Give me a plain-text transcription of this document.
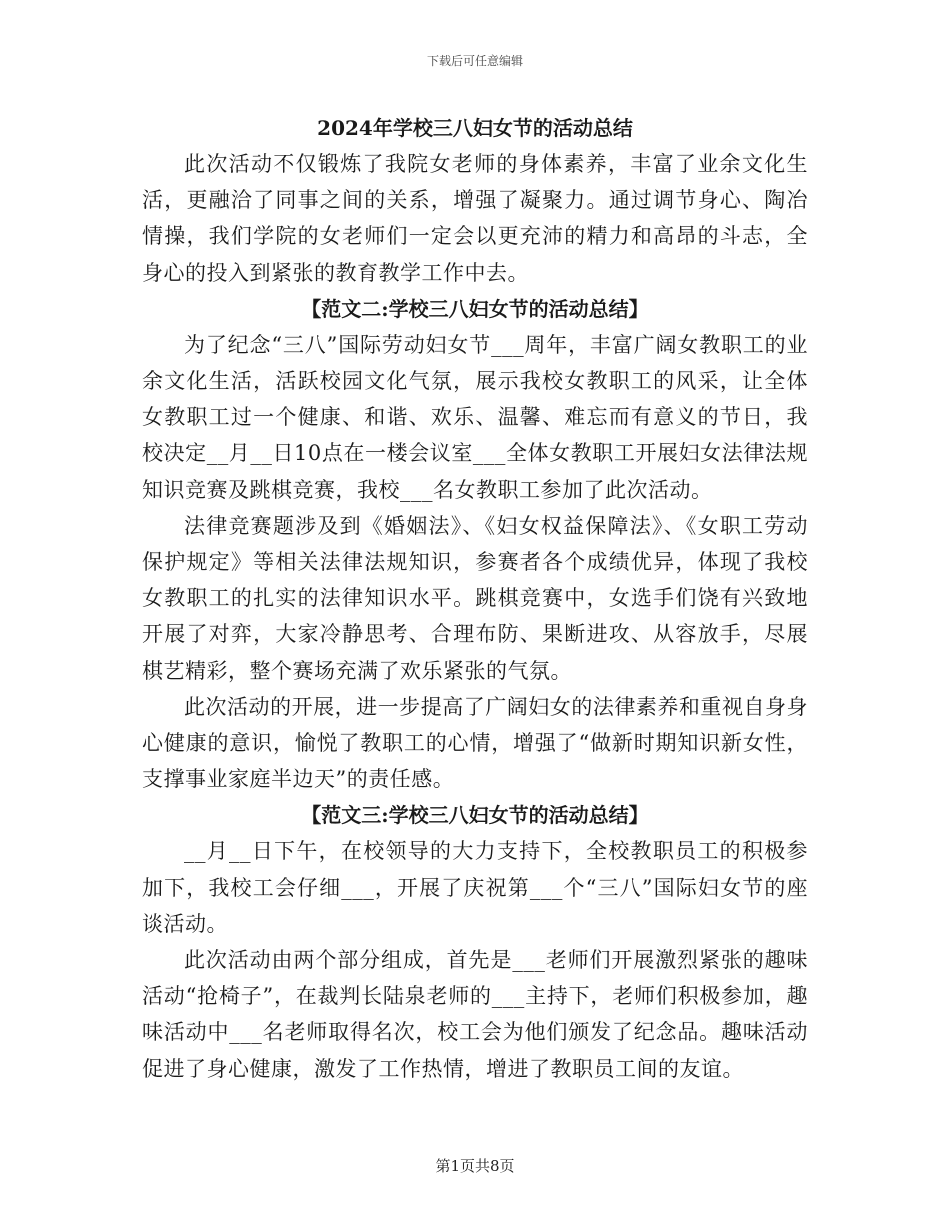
下载后可任意编辑
2024年学校三八妇女节的活动总结

此次活动不仅锻炼了我院女老师的身体素养，丰富了业余文化生活，更融洽了同事之间的关系，增强了凝聚力。通过调节身心、陶冶情操，我们学院的女老师们一定会以更充沛的精力和高昂的斗志，全身心的投入到紧张的教育教学工作中去。

【范文二:学校三八妇女节的活动总结】

为了纪念“三八”国际劳动妇女节___周年，丰富广阔女教职工的业余文化生活，活跃校园文化气氛，展示我校女教职工的风采，让全体女教职工过一个健康、和谐、欢乐、温馨、难忘而有意义的节日，我校决定__月__日10点在一楼会议室___全体女教职工开展妇女法律法规知识竞赛及跳棋竞赛，我校___名女教职工参加了此次活动。

法律竞赛题涉及到《婚姻法》、《妇女权益保障法》、《女职工劳动保护规定》等相关法律法规知识，参赛者各个成绩优异，体现了我校女教职工的扎实的法律知识水平。跳棋竞赛中，女选手们饶有兴致地开展了对弈，大家冷静思考、合理布防、果断进攻、从容放手，尽展棋艺精彩，整个赛场充满了欢乐紧张的气氛。

此次活动的开展，进一步提高了广阔妇女的法律素养和重视自身身心健康的意识，愉悦了教职工的心情，增强了“做新时期知识新女性，支撑事业家庭半边天”的责任感。

【范文三:学校三八妇女节的活动总结】

__月__日下午，在校领导的大力支持下，全校教职员工的积极参加下，我校工会仔细___，开展了庆祝第___个“三八”国际妇女节的座谈活动。

此次活动由两个部分组成，首先是___老师们开展激烈紧张的趣味活动“抢椅子”，在裁判长陆泉老师的___主持下，老师们积极参加，趣味活动中___名老师取得名次，校工会为他们颁发了纪念品。趣味活动促进了身心健康，激发了工作热情，增进了教职员工间的友谊。

第1页共8页
